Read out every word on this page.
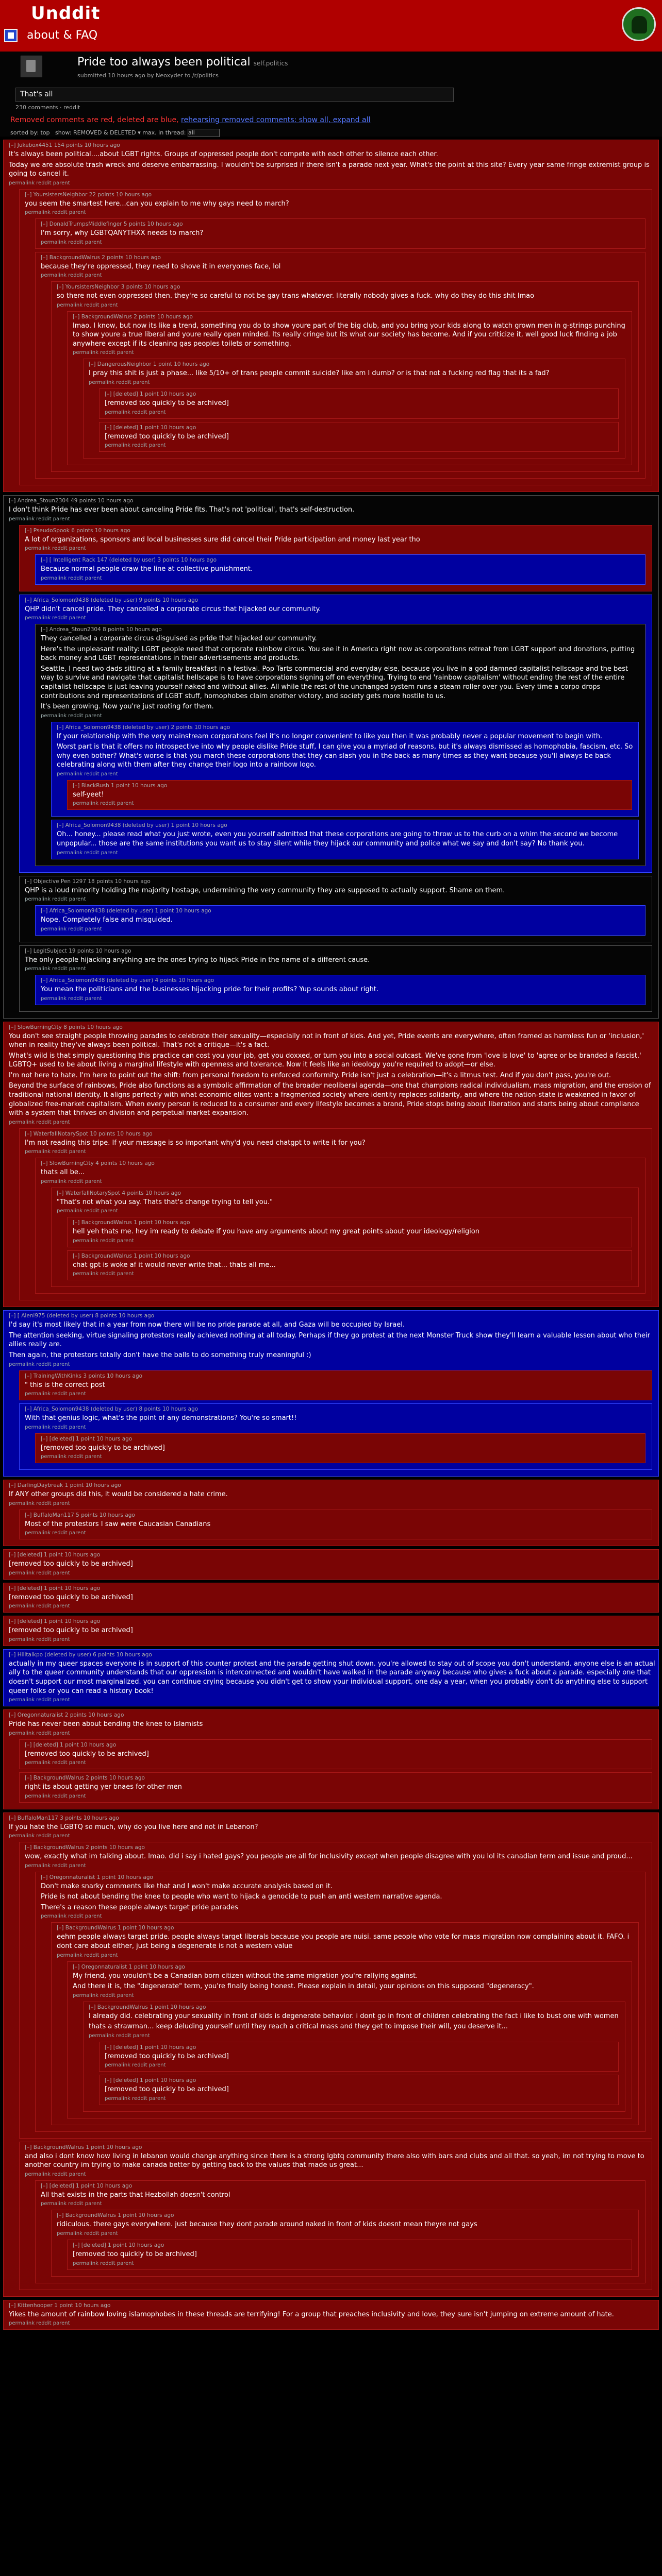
Unddit
about & FAQ
Pride too always been political self.politics
submitted 10 hours ago by Neoxyder to /r/politics
That's all
230 comments · reddit
Removed comments are red, deleted are blue, rehearsing removed comments: show all, expand all
sorted by: top show: REMOVED & DELETED ▾ max. in thread: all
[–] Jukebox4451 154 points 10 hours ago
It's always been political....about LGBT rights. Groups of oppressed people don't compete with each other to silence each other.
Today we are absolute trash wreck and deserve embarrassing. I wouldn't be surprised if there isn't a parade next year. What's the point at this site? Every year same fringe extremist group is going to cancel it.
permalink reddit parent
[–] YoursistersNeighbor 22 points 10 hours ago
you seem the smartest here...can you explain to me why gays need to march?
permalink reddit parent
[–] DonaldTrumpsMiddlefinger 5 points 10 hours ago
I'm sorry, why LGBTQANYTHXX needs to march?
permalink reddit parent
[–] BackgroundWalrus 2 points 10 hours ago
because they're oppressed, they need to shove it in everyones face, lol
permalink reddit parent
[–] YoursistersNeighbor 3 points 10 hours ago
so there not even oppressed then. they're so careful to not be gay trans whatever. literally nobody gives a fuck. why do they do this shit lmao
permalink reddit parent
[–] BackgroundWalrus 2 points 10 hours ago
lmao. I know, but now its like a trend, something you do to show youre part of the big club, and you bring your kids along to watch grown men in g-strings punching to show youre a true liberal and youre really open minded. Its really cringe but its what our society has become. And if you criticize it, well good luck finding a job anywhere except if its cleaning gas peoples toilets or something.
permalink reddit parent
[–] DangerousNeighbor 1 point 10 hours ago
I pray this shit is just a phase... like 5/10+ of trans people commit suicide? like am I dumb? or is that not a fucking red flag that its a fad?
permalink reddit parent
[–] [deleted] 1 point 10 hours ago
[removed too quickly to be archived]
permalink reddit parent
[–] [deleted] 1 point 10 hours ago
[removed too quickly to be archived]
permalink reddit parent
[–] Andrea_Stoun2304 49 points 10 hours ago
I don't think Pride has ever been about canceling Pride fits. That's not 'political', that's self-destruction.
permalink reddit parent
[–] PseudoSpook 6 points 10 hours ago
A lot of organizations, sponsors and local businesses sure did cancel their Pride participation and money last year tho
permalink reddit parent
[–] [ Intelligent Rack 147 (deleted by user) 3 points 10 hours ago
Because normal people draw the line at collective punishment.
permalink reddit parent
[–] Africa_Solomon9438 (deleted by user) 9 points 10 hours ago
QHP didn't cancel pride. They cancelled a corporate circus that hijacked our community.
permalink reddit parent
[–] Andrea_Stoun2304 8 points 10 hours ago
They cancelled a corporate circus disguised as pride that hijacked our community.
Here's the unpleasant reality: LGBT people need that corporate rainbow circus. You see it in America right now as corporations retreat from LGBT support and donations, putting back money and LGBT representations in their advertisements and products.
Seattle, I need two dads sitting at a family breakfast in a festival. Pop Tarts commercial and everyday else, because you live in a god damned capitalist hellscape and the best way to survive and navigate that capitalist hellscape is to have corporations signing off on everything. Trying to end 'rainbow capitalism' without ending the rest of the entire capitalist hellscape is just leaving yourself naked and without allies. All while the rest of the unchanged system runs a steam roller over you. Every time a corpo drops contributions and representations of LGBT stuff, homophobes claim another victory, and society gets more hostile to us.
It's been growing. Now you're just rooting for them.
permalink reddit parent
[–] Africa_Solomon9438 (deleted by user) 2 points 10 hours ago
If your relationship with the very mainstream corporations feel it's no longer convenient to like you then it was probably never a popular movement to begin with.
Worst part is that it offers no introspective into why people dislike Pride stuff, I can give you a myriad of reasons, but it's always dismissed as homophobia, fascism, etc. So why even bother? What's worse is that you march these corporations that they can slash you in the back as many times as they want because you'll always be back celebrating along with them after they change their logo into a rainbow logo.
permalink reddit parent
[–] BlackRush 1 point 10 hours ago
self-yeet!
permalink reddit parent
[–] Africa_Solomon9438 (deleted by user) 1 point 10 hours ago
Oh... honey... please read what you just wrote, even you yourself admitted that these corporations are going to throw us to the curb on a whim the second we become unpopular... those are the same institutions you want us to stay silent while they hijack our community and police what we say and don't say? No thank you.
permalink reddit parent
[–] Objective Pen 1297 18 points 10 hours ago
QHP is a loud minority holding the majority hostage, undermining the very community they are supposed to actually support. Shame on them.
permalink reddit parent
[–] Africa_Solomon9438 (deleted by user) 1 point 10 hours ago
Nope. Completely false and misguided.
permalink reddit parent
[–] LegitSubject 19 points 10 hours ago
The only people hijacking anything are the ones trying to hijack Pride in the name of a different cause.
permalink reddit parent
[–] Africa_Solomon9438 (deleted by user) 4 points 10 hours ago
You mean the politicians and the businesses hijacking pride for their profits? Yup sounds about right.
permalink reddit parent
[–] SlowBurningCity 8 points 10 hours ago
You don't see straight people throwing parades to celebrate their sexuality—especially not in front of kids. And yet, Pride events are everywhere, often framed as harmless fun or 'inclusion,' when in reality they've always been political. That's not a critique—it's a fact.
What's wild is that simply questioning this practice can cost you your job, get you doxxed, or turn you into a social outcast. We've gone from 'love is love' to 'agree or be branded a fascist.' LGBTQ+ used to be about living a marginal lifestyle with openness and tolerance. Now it feels like an ideology you're required to adopt—or else.
I'm not here to hate. I'm here to point out the shift: from personal freedom to enforced conformity. Pride isn't just a celebration—it's a litmus test. And if you don't pass, you're out.
Beyond the surface of rainbows, Pride also functions as a symbolic affirmation of the broader neoliberal agenda—one that champions radical individualism, mass migration, and the erosion of traditional national identity. It aligns perfectly with what economic elites want: a fragmented society where identity replaces solidarity, and where the nation-state is weakened in favor of globalized free-market capitalism. When every person is reduced to a consumer and every lifestyle becomes a brand, Pride stops being about liberation and starts being about compliance with a system that thrives on division and perpetual market expansion.
permalink reddit parent
[–] WaterfallNotarySpot 10 points 10 hours ago
I'm not reading this tripe. If your message is so important why'd you need chatgpt to write it for you?
permalink reddit parent
[–] SlowBurningCity 4 points 10 hours ago
thats all be...
permalink reddit parent
[–] WaterfallNotarySpot 4 points 10 hours ago
"That's not what you say. Thats that's change trying to tell you."
permalink reddit parent
[–] BackgroundWalrus 1 point 10 hours ago
hell yeh thats me. hey im ready to debate if you have any arguments about my great points about your ideology/religion
permalink reddit parent
[–] BackgroundWalrus 1 point 10 hours ago
chat gpt is woke af it would never write that... thats all me...
permalink reddit parent
[–] [ Aleni975 (deleted by user) 8 points 10 hours ago
I'd say it's most likely that in a year from now there will be no pride parade at all, and Gaza will be occupied by Israel.
The attention seeking, virtue signaling protestors really achieved nothing at all today. Perhaps if they go protest at the next Monster Truck show they'll learn a valuable lesson about who their allies really are.
Then again, the protestors totally don't have the balls to do something truly meaningful :)
permalink reddit parent
[–] TrainingWithKinks 3 points 10 hours ago
" this is the correct post
permalink reddit parent
[–] Africa_Solomon9438 (deleted by user) 8 points 10 hours ago
With that genius logic, what's the point of any demonstrations? You're so smart!!
permalink reddit parent
[–] [deleted] 1 point 10 hours ago
[removed too quickly to be archived]
permalink reddit parent
[–] DarlingDaybreak 1 point 10 hours ago
If ANY other groups did this, it would be considered a hate crime.
permalink reddit parent
[–] BuffaloMan117 5 points 10 hours ago
Most of the protestors I saw were Caucasian Canadians
permalink reddit parent
[–] [deleted] 1 point 10 hours ago
[removed too quickly to be archived]
permalink reddit parent
[–] [deleted] 1 point 10 hours ago
[removed too quickly to be archived]
permalink reddit parent
[–] [deleted] 1 point 10 hours ago
[removed too quickly to be archived]
permalink reddit parent
[–] Hilltalkpo (deleted by user) 6 points 10 hours ago
actually in my queer spaces everyone is in support of this counter protest and the parade getting shut down. you're allowed to stay out of scope you don't understand. anyone else is an actual ally to the queer community understands that our oppression is interconnected and wouldn't have walked in the parade anyway because who gives a fuck about a parade. especially one that doesn't support our most marginalized. you can continue crying because you didn't get to show your individual support, one day a year, when you probably don't do anything else to support queer folks or you can read a history book!
permalink reddit parent
[–] Oregonnaturalist 2 points 10 hours ago
Pride has never been about bending the knee to Islamists
permalink reddit parent
[–] [deleted] 1 point 10 hours ago
[removed too quickly to be archived]
permalink reddit parent
[–] BackgroundWalrus 2 points 10 hours ago
right its about getting yer bnaes for other men
permalink reddit parent
[–] BuffaloMan117 3 points 10 hours ago
If you hate the LGBTQ so much, why do you live here and not in Lebanon?
permalink reddit parent
[–] BackgroundWalrus 2 points 10 hours ago
wow, exactly what im talking about. lmao. did i say i hated gays? you people are all for inclusivity except when people disagree with you lol its canadian term and issue and proud...
permalink reddit parent
[–] Oregonnaturalist 1 point 10 hours ago
Don't make snarky comments like that and I won't make accurate analysis based on it.
Pride is not about bending the knee to people who want to hijack a genocide to push an anti western narrative agenda.
There's a reason these people always target pride parades
permalink reddit parent
[–] BackgroundWalrus 1 point 10 hours ago
eehm people always target pride. people always target liberals because you people are nuisi. same people who vote for mass migration now complaining about it. FAFO. i dont care about either, just being a degenerate is not a western value
permalink reddit parent
[–] Oregonnaturalist 1 point 10 hours ago
My friend, you wouldn't be a Canadian born citizen without the same migration you're rallying against.
And there it is, the "degenerate" term, you're finally being honest. Please explain in detail, your opinions on this supposed "degeneracy".
permalink reddit parent
[–] BackgroundWalrus 1 point 10 hours ago
I already did. celebrating your sexuality in front of kids is degenerate behavior. i dont go in front of children celebrating the fact i like to bust one with women
thats a strawman... keep deluding yourself until they reach a critical mass and they get to impose their will, you deserve it...
permalink reddit parent
[–] [deleted] 1 point 10 hours ago
[removed too quickly to be archived]
permalink reddit parent
[–] [deleted] 1 point 10 hours ago
[removed too quickly to be archived]
permalink reddit parent
[–] BackgroundWalrus 1 point 10 hours ago
and also i dont know how living in lebanon would change anything since there is a strong lgbtq community there also with bars and clubs and all that. so yeah, im not trying to move to another country im trying to make canada better by getting back to the values that made us great...
permalink reddit parent
[–] [deleted] 1 point 10 hours ago
All that exists in the parts that Hezbollah doesn't control
permalink reddit parent
[–] BackgroundWalrus 1 point 10 hours ago
ridiculous. there gays everywhere. just because they dont parade around naked in front of kids doesnt mean theyre not gays
permalink reddit parent
[–] [deleted] 1 point 10 hours ago
[removed too quickly to be archived]
permalink reddit parent
[–] Kittenhooper 1 point 10 hours ago
Yikes the amount of rainbow loving islamophobes in these threads are terrifying! For a group that preaches inclusivity and love, they sure isn't jumping on extreme amount of hate.
permalink reddit parent
